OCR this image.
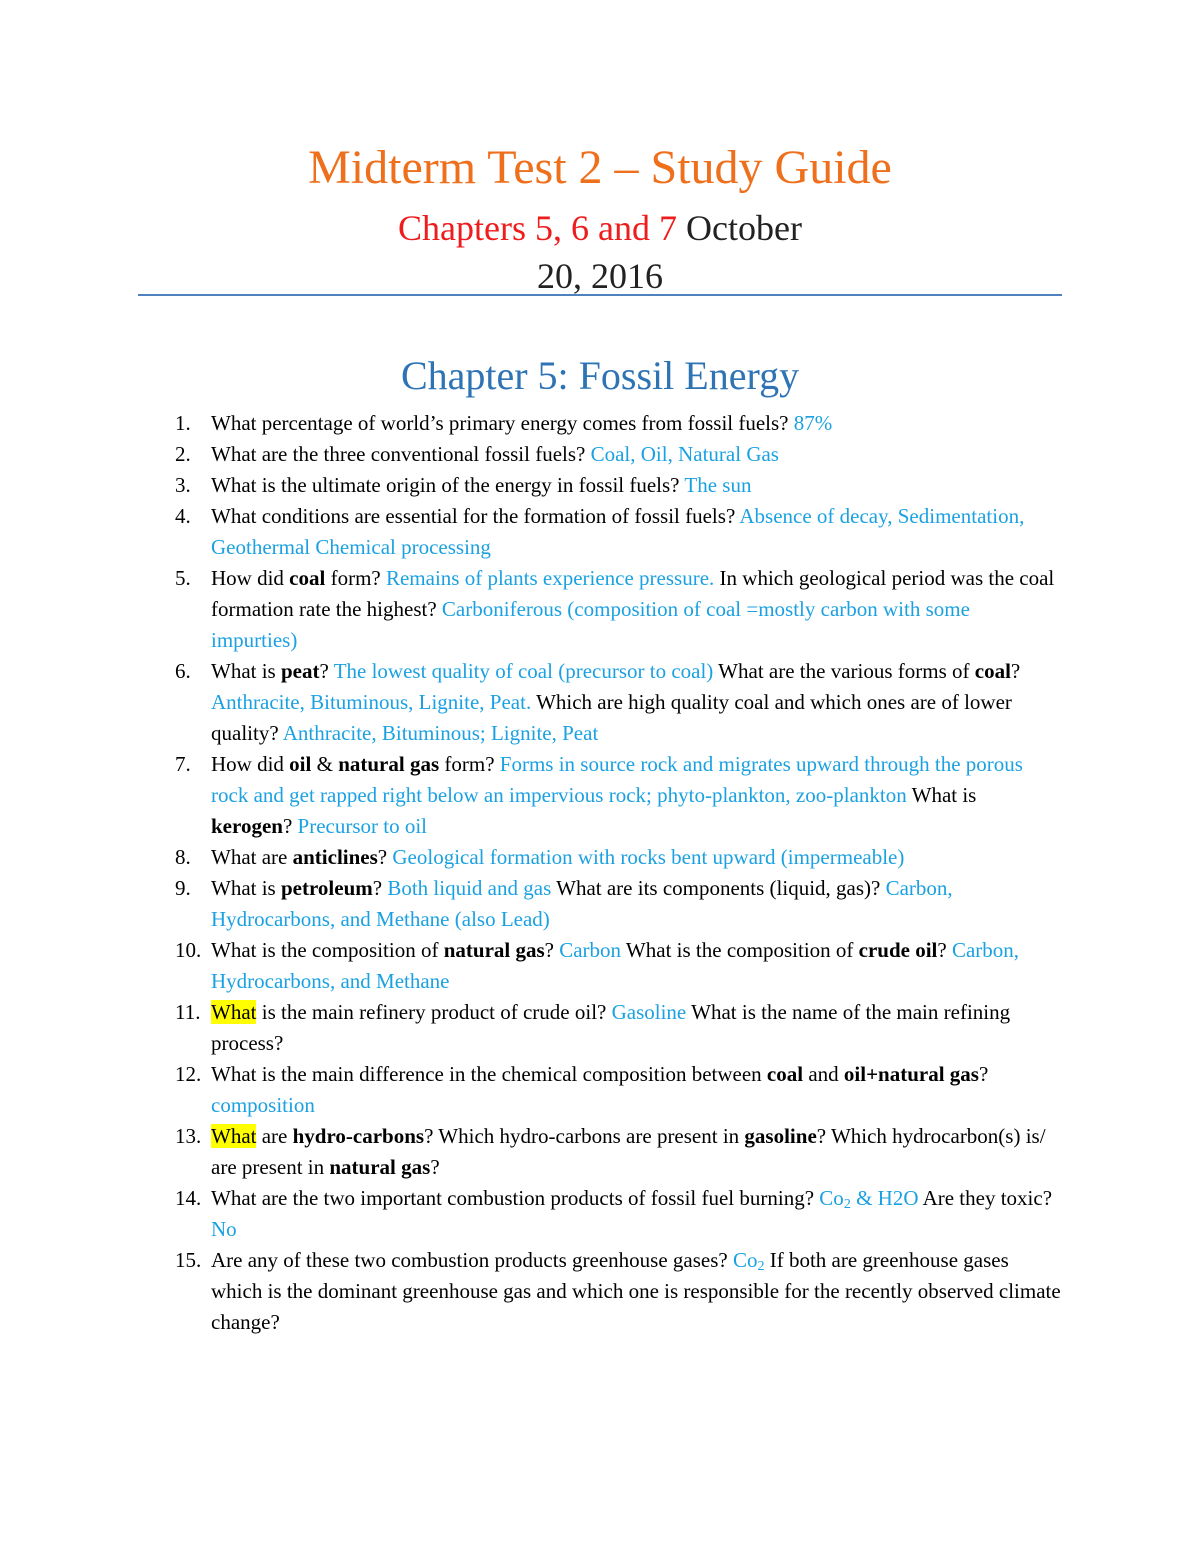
Midterm Test 2 – Study Guide
Chapters 5, 6 and 7 October
20, 2016
Chapter 5: Fossil Energy
1. What percentage of world’s primary energy comes from fossil fuels? 87%
2. What are the three conventional fossil fuels? Coal, Oil, Natural Gas
3. What is the ultimate origin of the energy in fossil fuels? The sun
4. What conditions are essential for the formation of fossil fuels? Absence of decay, Sedimentation, Geothermal Chemical processing
5. How did coal form? Remains of plants experience pressure. In which geological period was the coal formation rate the highest? Carboniferous (composition of coal =mostly carbon with some impurties)
6. What is peat? The lowest quality of coal (precursor to coal) What are the various forms of coal? Anthracite, Bituminous, Lignite, Peat. Which are high quality coal and which ones are of lower quality? Anthracite, Bituminous; Lignite, Peat
7. How did oil & natural gas form? Forms in source rock and migrates upward through the porous rock and get rapped right below an impervious rock; phyto-plankton, zoo-plankton What is kerogen? Precursor to oil
8. What are anticlines? Geological formation with rocks bent upward (impermeable)
9. What is petroleum? Both liquid and gas What are its components (liquid, gas)? Carbon, Hydrocarbons, and Methane (also Lead)
10. What is the composition of natural gas? Carbon What is the composition of crude oil? Carbon, Hydrocarbons, and Methane
11. What is the main refinery product of crude oil? Gasoline What is the name of the main refining process?
12. What is the main difference in the chemical composition between coal and oil+natural gas? composition
13. What are hydro-carbons? Which hydro-carbons are present in gasoline? Which hydrocarbon(s) is/ are present in natural gas?
14. What are the two important combustion products of fossil fuel burning? $Co_2$ & H2O Are they toxic? No
15. Are any of these two combustion products greenhouse gases? $Co_2$ If both are greenhouse gases which is the dominant greenhouse gas and which one is responsible for the recently observed climate change?
